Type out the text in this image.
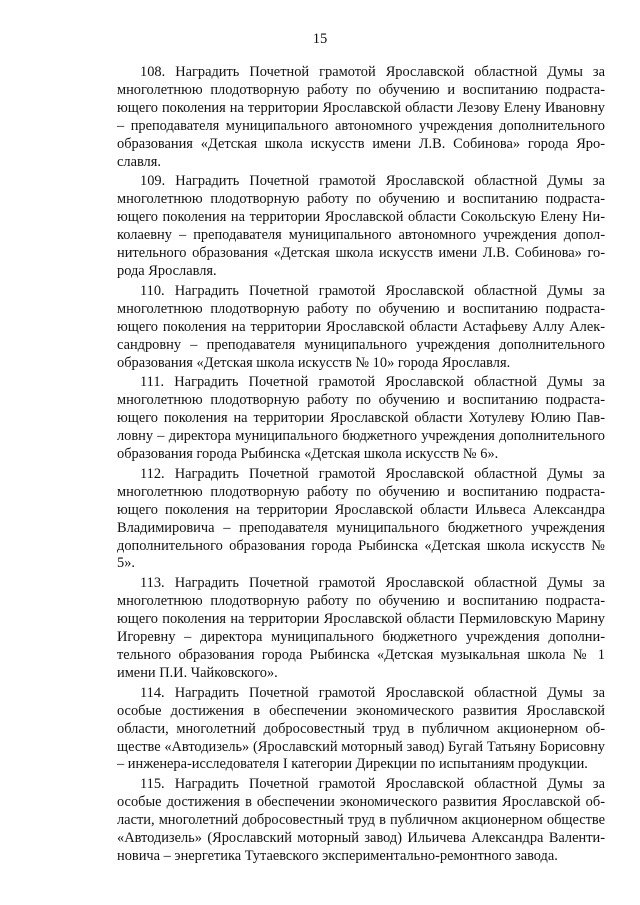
15

108. Наградить Почетной грамотой Ярославской областной Думы за многолетнюю плодотворную работу по обучению и воспитанию подрастающего поколения на территории Ярославской области Лезову Елену Ивановну – преподавателя муниципального автономного учреждения дополнительного образования «Детская школа искусств имени Л.В. Собинова» города Ярославля.

109. Наградить Почетной грамотой Ярославской областной Думы за многолетнюю плодотворную работу по обучению и воспитанию подрастающего поколения на территории Ярославской области Сокольскую Елену Николаевну – преподавателя муниципального автономного учреждения дополнительного образования «Детская школа искусств имени Л.В. Собинова» города Ярославля.

110. Наградить Почетной грамотой Ярославской областной Думы за многолетнюю плодотворную работу по обучению и воспитанию подрастающего поколения на территории Ярославской области Астафьеву Аллу Александровну – преподавателя муниципального учреждения дополнительного образования «Детская школа искусств № 10» города Ярославля.

111. Наградить Почетной грамотой Ярославской областной Думы за многолетнюю плодотворную работу по обучению и воспитанию подрастающего поколения на территории Ярославской области Хотулеву Юлию Павловну – директора муниципального бюджетного учреждения дополнительного образования города Рыбинска «Детская школа искусств № 6».

112. Наградить Почетной грамотой Ярославской областной Думы за многолетнюю плодотворную работу по обучению и воспитанию подрастающего поколения на территории Ярославской области Ильвеса Александра Владимировича – преподавателя муниципального бюджетного учреждения дополнительного образования города Рыбинска «Детская школа искусств № 5».

113. Наградить Почетной грамотой Ярославской областной Думы за многолетнюю плодотворную работу по обучению и воспитанию подрастающего поколения на территории Ярославской области Пермиловскую Марину Игоревну – директора муниципального бюджетного учреждения дополнительного образования города Рыбинска «Детская музыкальная школа № 1 имени П.И. Чайковского».

114. Наградить Почетной грамотой Ярославской областной Думы за особые достижения в обеспечении экономического развития Ярославской области, многолетний добросовестный труд в публичном акционерном обществе «Автодизель» (Ярославский моторный завод) Бугай Татьяну Борисовну – инженера-исследователя I категории Дирекции по испытаниям продукции.

115. Наградить Почетной грамотой Ярославской областной Думы за особые достижения в обеспечении экономического развития Ярославской области, многолетний добросовестный труд в публичном акционерном обществе «Автодизель» (Ярославский моторный завод) Ильичева Александра Валентиновича – энергетика Тутаевского экспериментально-ремонтного завода.
